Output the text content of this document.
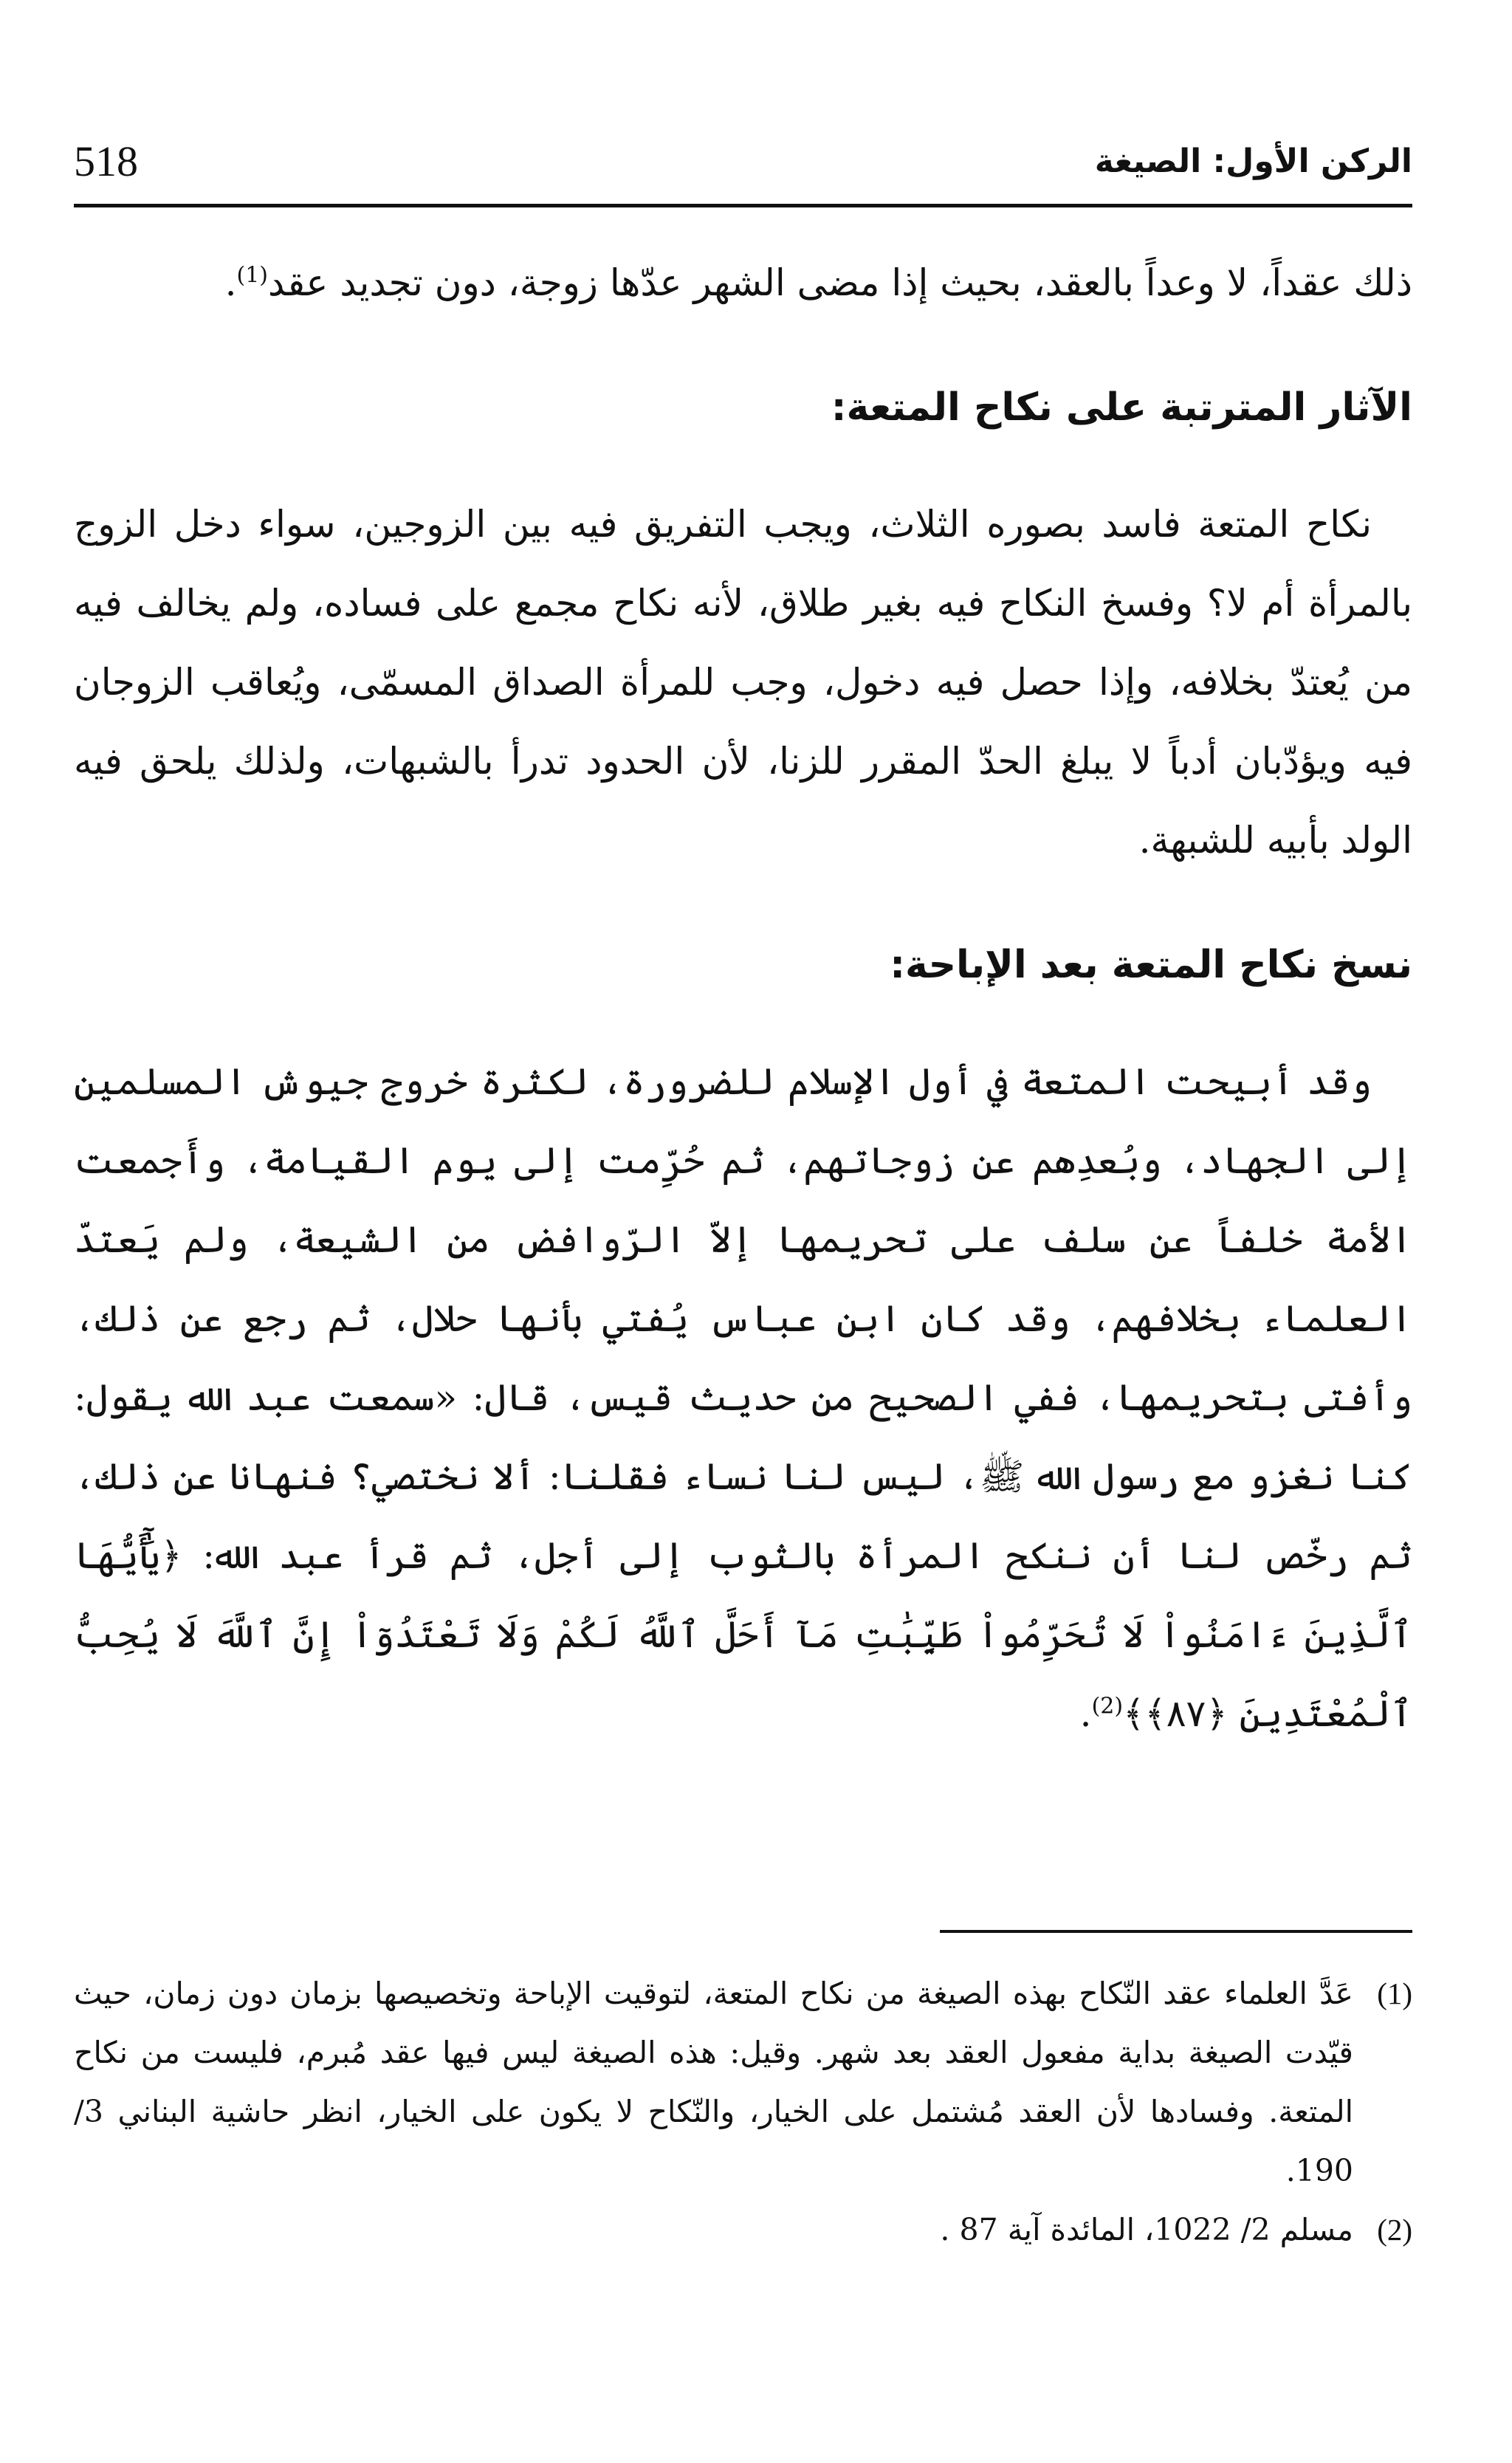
518	الركن الأول: الصيغة

ذلك عقداً، لا وعداً بالعقد، بحيث إذا مضى الشهر عدّها زوجة، دون تجديد عقد$^{(1)}$.

الآثار المترتبة على نكاح المتعة:

نكاح المتعة فاسد بصوره الثلاث، ويجب التفريق فيه بين الزوجين، سواء دخل الزوج بالمرأة أم لا؟ وفسخ النكاح فيه بغير طلاق، لأنه نكاح مجمع على فساده، ولم يخالف فيه من يُعتدّ بخلافه، وإذا حصل فيه دخول، وجب للمرأة الصداق المسمّى، ويُعاقب الزوجان فيه ويؤدّبان أدباً لا يبلغ الحدّ المقرر للزنا، لأن الحدود تدرأ بالشبهات، ولذلك يلحق فيه الولد بأبيه للشبهة.

نسخ نكاح المتعة بعد الإباحة:

وقد أبيحت المتعة في أول الإسلام للضرورة، لكثرة خروج جيوش المسلمين إلى الجهاد، وبُعدِهم عن زوجاتهم، ثم حُرِّمت إلى يوم القيامة، وأَجمعت الأمة خلفاً عن سلف على تحريمها إلاّ الرّوافض من الشيعة، ولم يَعتدّ العلماء بخلافهم، وقد كان ابن عباس يُفتي بأنها حلال، ثم رجع عن ذلك، وأفتى بتحريمها، ففي الصحيح من حديث قيس، قال: «سمعت عبد الله يقول: كنا نغزو مع رسول الله ﷺ، ليس لنا نساء فقلنا: ألا نختصي؟ فنهانا عن ذلك، ثم رخّص لنا أن ننكح المرأة بالثوب إلى أجل، ثم قرأ عبد الله: ﴿يَٰٓأَيُّهَا ٱلَّذِينَ ءَامَنُواْ لَا تُحَرِّمُواْ طَيِّبَٰتِ مَآ أَحَلَّ ٱللَّهُ لَكُمْ وَلَا تَعْتَدُوٓاْ إِنَّ ٱللَّهَ لَا يُحِبُّ ٱلْمُعْتَدِينَ ﴿٨٧﴾﴾$^{(2)}$.

(1)
عَدَّ العلماء عقد النّكاح بهذه الصيغة من نكاح المتعة، لتوقيت الإباحة وتخصيصها بزمان دون زمان، حيث قيّدت الصيغة بداية مفعول العقد بعد شهر. وقيل: هذه الصيغة ليس فيها عقد مُبرم، فليست من نكاح المتعة. وفسادها لأن العقد مُشتمل على الخيار، والنّكاح لا يكون على الخيار، انظر حاشية البناني 3/ 190.
(2)
مسلم 2/ 1022، المائدة آية 87 .
